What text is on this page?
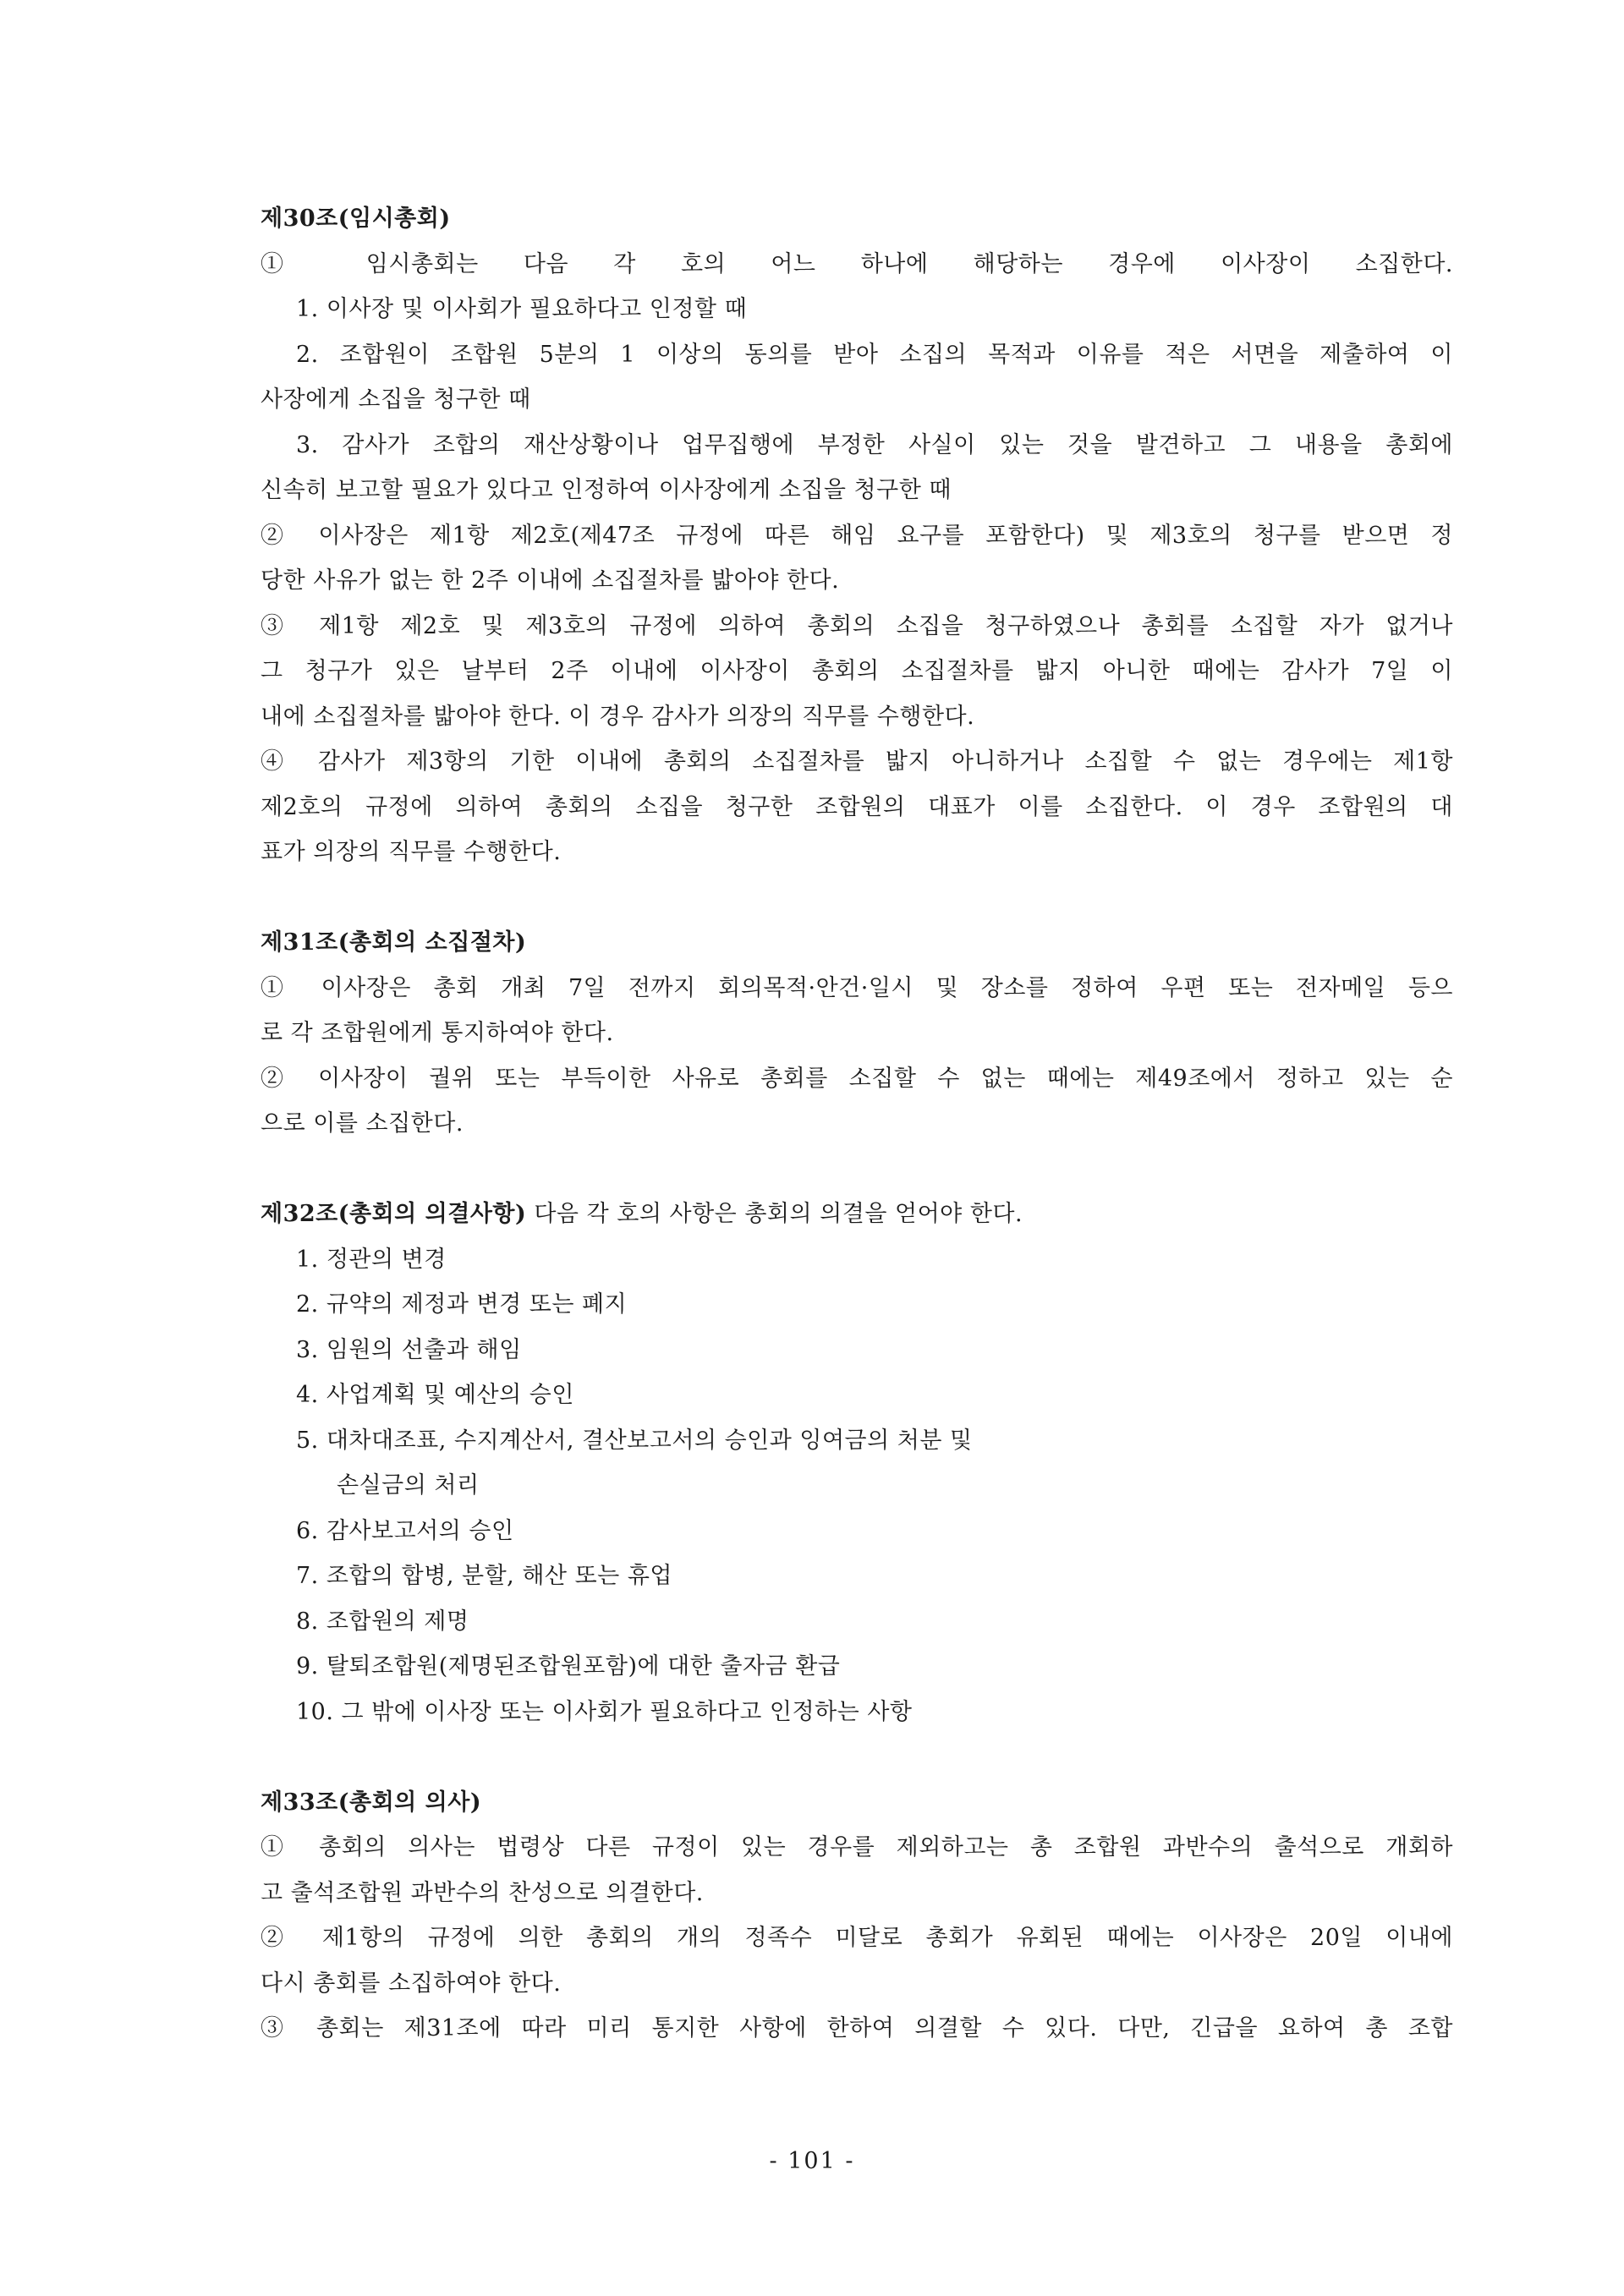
제30조(임시총회)
① 임시총회는 다음 각 호의 어느 하나에 해당하는 경우에 이사장이 소집한다.
1. 이사장 및 이사회가 필요하다고 인정할 때
2. 조합원이 조합원 5분의 1 이상의 동의를 받아 소집의 목적과 이유를 적은 서면을 제출하여 이
사장에게 소집을 청구한 때
3. 감사가 조합의 재산상황이나 업무집행에 부정한 사실이 있는 것을 발견하고 그 내용을 총회에
신속히 보고할 필요가 있다고 인정하여 이사장에게 소집을 청구한 때
② 이사장은 제1항 제2호(제47조 규정에 따른 해임 요구를 포함한다) 및 제3호의 청구를 받으면 정
당한 사유가 없는 한 2주 이내에 소집절차를 밟아야 한다.
③ 제1항 제2호 및 제3호의 규정에 의하여 총회의 소집을 청구하였으나 총회를 소집할 자가 없거나
그 청구가 있은 날부터 2주 이내에 이사장이 총회의 소집절차를 밟지 아니한 때에는 감사가 7일 이
내에 소집절차를 밟아야 한다. 이 경우 감사가 의장의 직무를 수행한다.
④ 감사가 제3항의 기한 이내에 총회의 소집절차를 밟지 아니하거나 소집할 수 없는 경우에는 제1항
제2호의 규정에 의하여 총회의 소집을 청구한 조합원의 대표가 이를 소집한다. 이 경우 조합원의 대
표가 의장의 직무를 수행한다.
제31조(총회의 소집절차)
① 이사장은 총회 개최 7일 전까지 회의목적·안건·일시 및 장소를 정하여 우편 또는 전자메일 등으
로 각 조합원에게 통지하여야 한다.
② 이사장이 궐위 또는 부득이한 사유로 총회를 소집할 수 없는 때에는 제49조에서 정하고 있는 순
으로 이를 소집한다.
제32조(총회의 의결사항) 다음 각 호의 사항은 총회의 의결을 얻어야 한다.
1. 정관의 변경
2. 규약의 제정과 변경 또는 폐지
3. 임원의 선출과 해임
4. 사업계획 및 예산의 승인
5. 대차대조표, 수지계산서, 결산보고서의 승인과 잉여금의 처분 및
손실금의 처리
6. 감사보고서의 승인
7. 조합의 합병, 분할, 해산 또는 휴업
8. 조합원의 제명
9. 탈퇴조합원(제명된조합원포함)에 대한 출자금 환급
10. 그 밖에 이사장 또는 이사회가 필요하다고 인정하는 사항
제33조(총회의 의사)
① 총회의 의사는 법령상 다른 규정이 있는 경우를 제외하고는 총 조합원 과반수의 출석으로 개회하
고 출석조합원 과반수의 찬성으로 의결한다.
② 제1항의 규정에 의한 총회의 개의 정족수 미달로 총회가 유회된 때에는 이사장은 20일 이내에
다시 총회를 소집하여야 한다.
③ 총회는 제31조에 따라 미리 통지한 사항에 한하여 의결할 수 있다. 다만, 긴급을 요하여 총 조합
- 101 -
